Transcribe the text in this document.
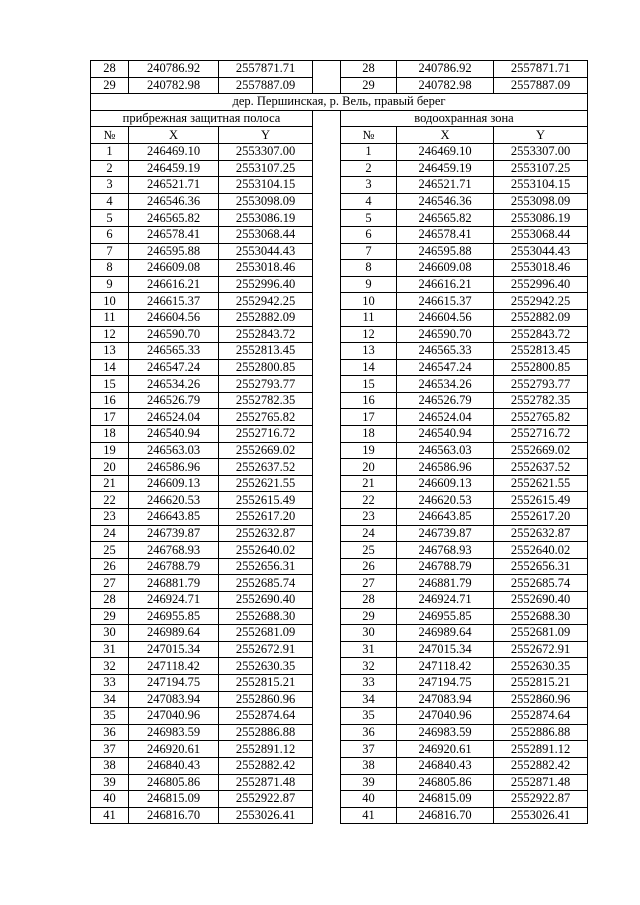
28	240786.92	2557871.71		28	240786.92	2557871.71
29	240782.98	2557887.09		29	240782.98	2557887.09
дер. Першинская, р. Вель, правый берег						
прибрежная защитная полоса				водоохранная зона		
№	X	Y		№	X	Y
1	246469.10	2553307.00		1	246469.10	2553307.00
2	246459.19	2553107.25		2	246459.19	2553107.25
3	246521.71	2553104.15		3	246521.71	2553104.15
4	246546.36	2553098.09		4	246546.36	2553098.09
5	246565.82	2553086.19		5	246565.82	2553086.19
6	246578.41	2553068.44		6	246578.41	2553068.44
7	246595.88	2553044.43		7	246595.88	2553044.43
8	246609.08	2553018.46		8	246609.08	2553018.46
9	246616.21	2552996.40		9	246616.21	2552996.40
10	246615.37	2552942.25		10	246615.37	2552942.25
11	246604.56	2552882.09		11	246604.56	2552882.09
12	246590.70	2552843.72		12	246590.70	2552843.72
13	246565.33	2552813.45		13	246565.33	2552813.45
14	246547.24	2552800.85		14	246547.24	2552800.85
15	246534.26	2552793.77		15	246534.26	2552793.77
16	246526.79	2552782.35		16	246526.79	2552782.35
17	246524.04	2552765.82		17	246524.04	2552765.82
18	246540.94	2552716.72		18	246540.94	2552716.72
19	246563.03	2552669.02		19	246563.03	2552669.02
20	246586.96	2552637.52		20	246586.96	2552637.52
21	246609.13	2552621.55		21	246609.13	2552621.55
22	246620.53	2552615.49		22	246620.53	2552615.49
23	246643.85	2552617.20		23	246643.85	2552617.20
24	246739.87	2552632.87		24	246739.87	2552632.87
25	246768.93	2552640.02		25	246768.93	2552640.02
26	246788.79	2552656.31		26	246788.79	2552656.31
27	246881.79	2552685.74		27	246881.79	2552685.74
28	246924.71	2552690.40		28	246924.71	2552690.40
29	246955.85	2552688.30		29	246955.85	2552688.30
30	246989.64	2552681.09		30	246989.64	2552681.09
31	247015.34	2552672.91		31	247015.34	2552672.91
32	247118.42	2552630.35		32	247118.42	2552630.35
33	247194.75	2552815.21		33	247194.75	2552815.21
34	247083.94	2552860.96		34	247083.94	2552860.96
35	247040.96	2552874.64		35	247040.96	2552874.64
36	246983.59	2552886.88		36	246983.59	2552886.88
37	246920.61	2552891.12		37	246920.61	2552891.12
38	246840.43	2552882.42		38	246840.43	2552882.42
39	246805.86	2552871.48		39	246805.86	2552871.48
40	246815.09	2552922.87		40	246815.09	2552922.87
41	246816.70	2553026.41		41	246816.70	2553026.41
